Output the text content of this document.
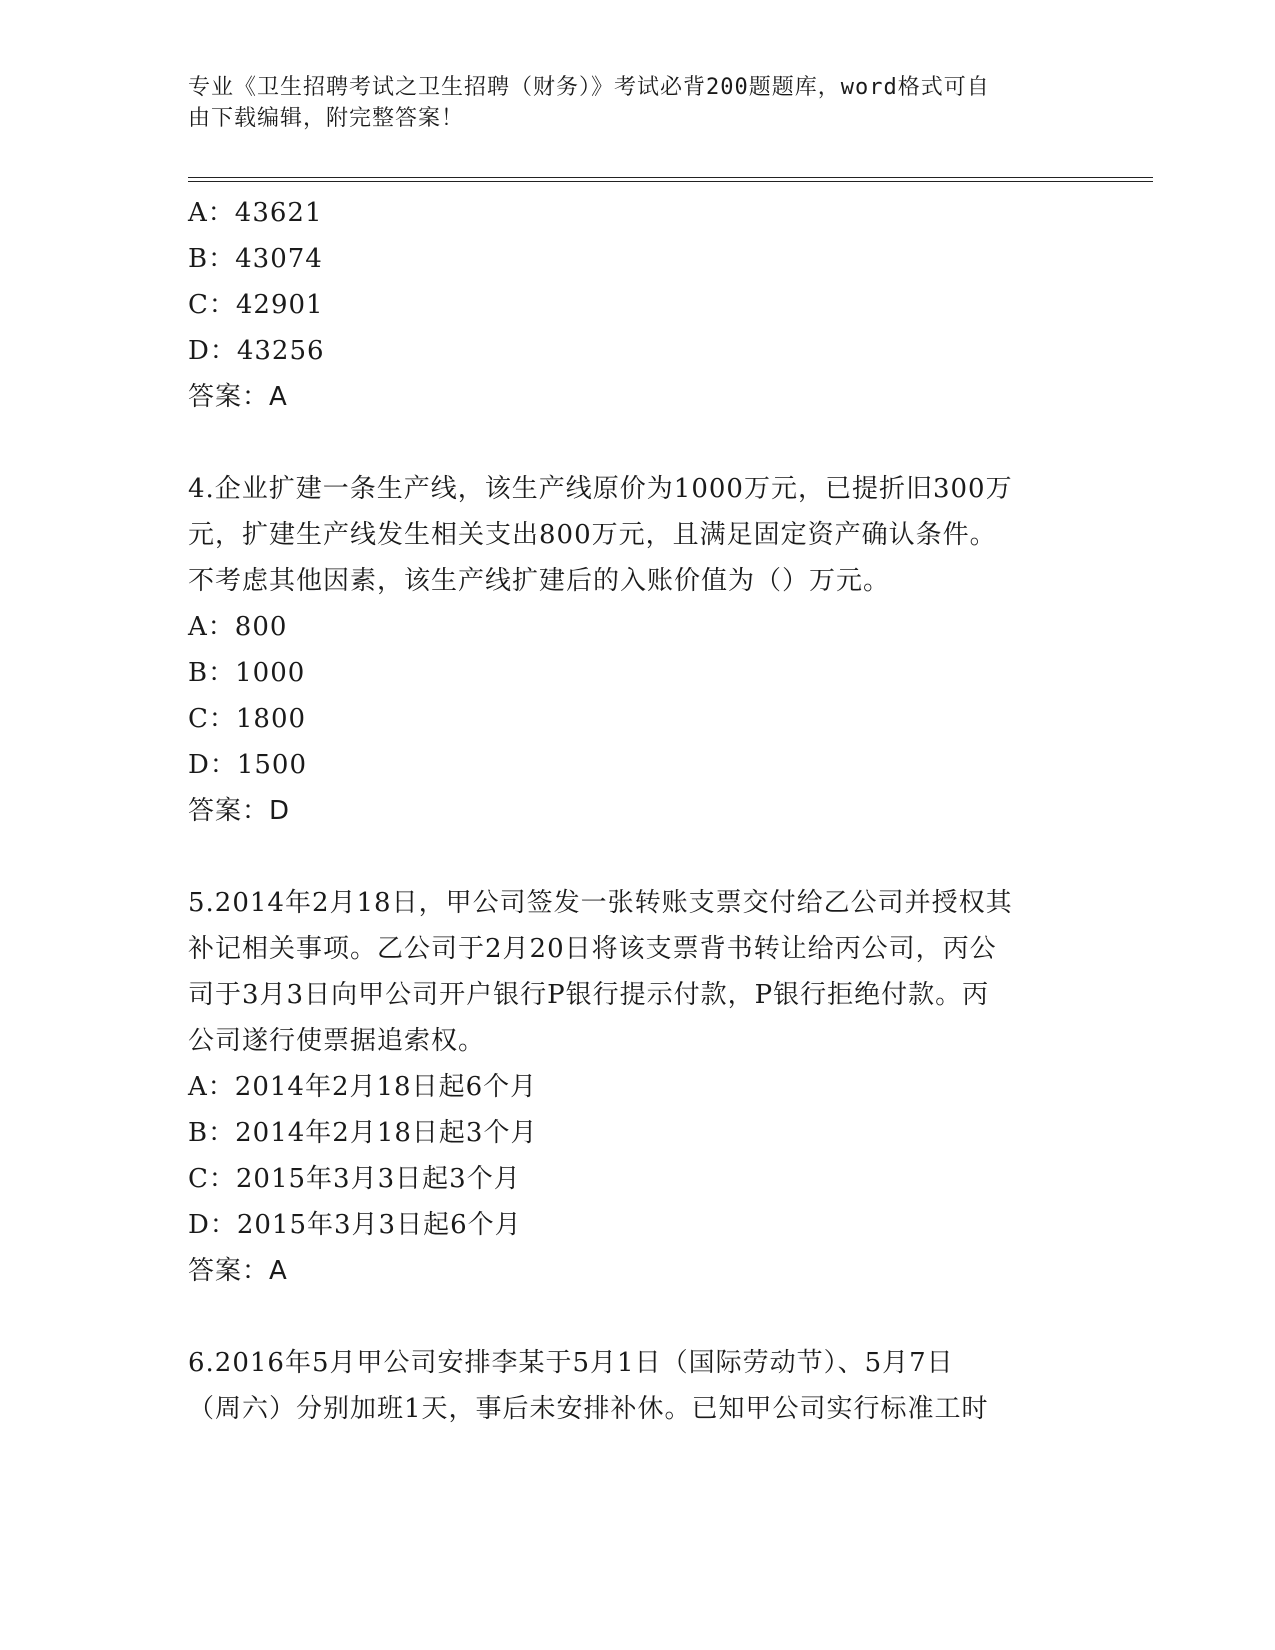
专业《卫生招聘考试之卫生招聘（财务）》考试必背200题题库，word格式可自
由下载编辑，附完整答案！
A：43621
B：43074
C：42901
D：43256
答案：A
4.企业扩建一条生产线，该生产线原价为1000万元，已提折旧300万
元，扩建生产线发生相关支出800万元，且满足固定资产确认条件。
不考虑其他因素，该生产线扩建后的入账价值为（）万元。
A：800
B：1000
C：1800
D：1500
答案：D
5.2014年2月18日，甲公司签发一张转账支票交付给乙公司并授权其
补记相关事项。乙公司于2月20日将该支票背书转让给丙公司，丙公
司于3月3日向甲公司开户银行P银行提示付款，P银行拒绝付款。丙
公司遂行使票据追索权。
A：2014年2月18日起6个月
B：2014年2月18日起3个月
C：2015年3月3日起3个月
D：2015年3月3日起6个月
答案：A
6.2016年5月甲公司安排李某于5月1日（国际劳动节）、5月7日
（周六）分别加班1天，事后未安排补休。已知甲公司实行标准工时
